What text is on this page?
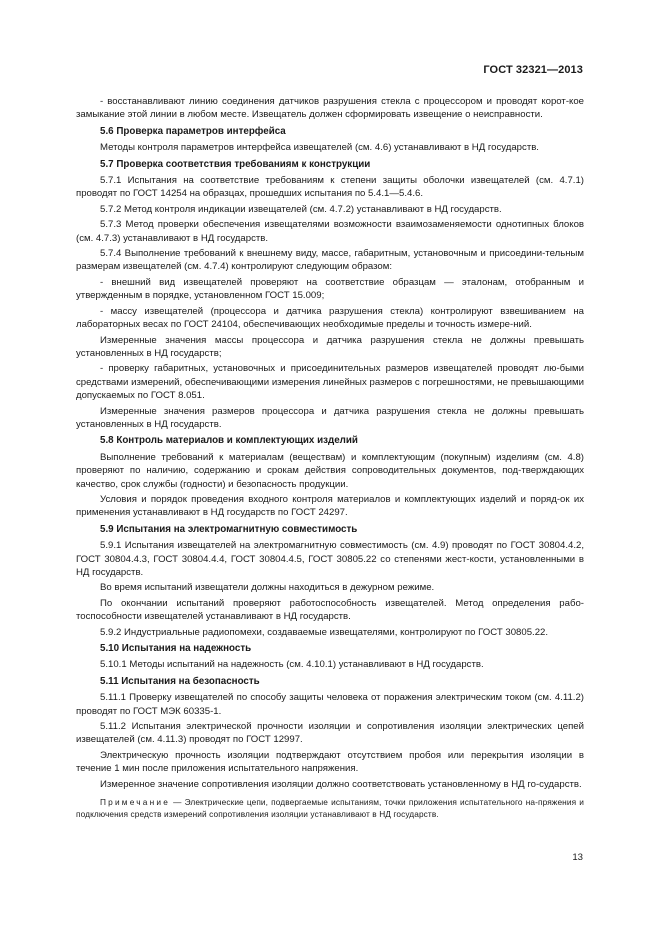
ГОСТ 32321—2013

- восстанавливают линию соединения датчиков разрушения стекла с процессором и проводят корот-кое замыкание этой линии в любом месте. Извещатель должен сформировать извещение о неисправности.

5.6 Проверка параметров интерфейса

Методы контроля параметров интерфейса извещателей (см. 4.6) устанавливают в НД государств.

5.7 Проверка соответствия требованиям к конструкции

5.7.1 Испытания на соответствие требованиям к степени защиты оболочки извещателей (см. 4.7.1) проводят по ГОСТ 14254 на образцах, прошедших испытания по 5.4.1—5.4.6.

5.7.2 Метод контроля индикации извещателей (см. 4.7.2) устанавливают в НД государств.

5.7.3 Метод проверки обеспечения извещателями возможности взаимозаменяемости однотипных блоков (см. 4.7.3) устанавливают в НД государств.

5.7.4 Выполнение требований к внешнему виду, массе, габаритным, установочным и присоедини-тельным размерам извещателей (см. 4.7.4) контролируют следующим образом:

- внешний вид извещателей проверяют на соответствие образцам — эталонам, отобранным и утвержденным в порядке, установленном ГОСТ 15.009;

- массу извещателей (процессора и датчика разрушения стекла) контролируют взвешиванием на лабораторных весах по ГОСТ 24104, обеспечивающих необходимые пределы и точность измере-ний.

Измеренные значения массы процессора и датчика разрушения стекла не должны превышать установленных в НД государств;

- проверку габаритных, установочных и присоединительных размеров извещателей проводят лю-быми средствами измерений, обеспечивающими измерения линейных размеров с погрешностями, не превышающими допускаемых по ГОСТ 8.051.

Измеренные значения размеров процессора и датчика разрушения стекла не должны превышать установленных в НД государств.

5.8 Контроль материалов и комплектующих изделий

Выполнение требований к материалам (веществам) и комплектующим (покупным) изделиям (см. 4.8) проверяют по наличию, содержанию и срокам действия сопроводительных документов, под-тверждающих качество, срок службы (годности) и безопасность продукции.

Условия и порядок проведения входного контроля материалов и комплектующих изделий и поряд-ок их применения устанавливают в НД государств по ГОСТ 24297.

5.9 Испытания на электромагнитную совместимость

5.9.1 Испытания извещателей на электромагнитную совместимость (см. 4.9) проводят по ГОСТ 30804.4.2, ГОСТ 30804.4.3, ГОСТ 30804.4.4, ГОСТ 30804.4.5, ГОСТ 30805.22 со степенями жест-кости, установленными в НД государств.

Во время испытаний извещатели должны находиться в дежурном режиме.

По окончании испытаний проверяют работоспособность извещателей. Метод определения рабо-тоспособности извещателей устанавливают в НД государств.

5.9.2 Индустриальные радиопомехи, создаваемые извещателями, контролируют по ГОСТ 30805.22.

5.10 Испытания на надежность

5.10.1 Методы испытаний на надежность (см. 4.10.1) устанавливают в НД государств.

5.11 Испытания на безопасность

5.11.1 Проверку извещателей по способу защиты человека от поражения электрическим током (см. 4.11.2) проводят по ГОСТ МЭК 60335-1.

5.11.2 Испытания электрической прочности изоляции и сопротивления изоляции электрических цепей извещателей (см. 4.11.3) проводят по ГОСТ 12997.

Электрическую прочность изоляции подтверждают отсутствием пробоя или перекрытия изоляции в течение 1 мин после приложения испытательного напряжения.

Измеренное значение сопротивления изоляции должно соответствовать установленному в НД го-сударств.

Примечание — Электрические цепи, подвергаемые испытаниям, точки приложения испытательного на-пряжения и подключения средств измерений сопротивления изоляции устанавливают в НД государств.

13
